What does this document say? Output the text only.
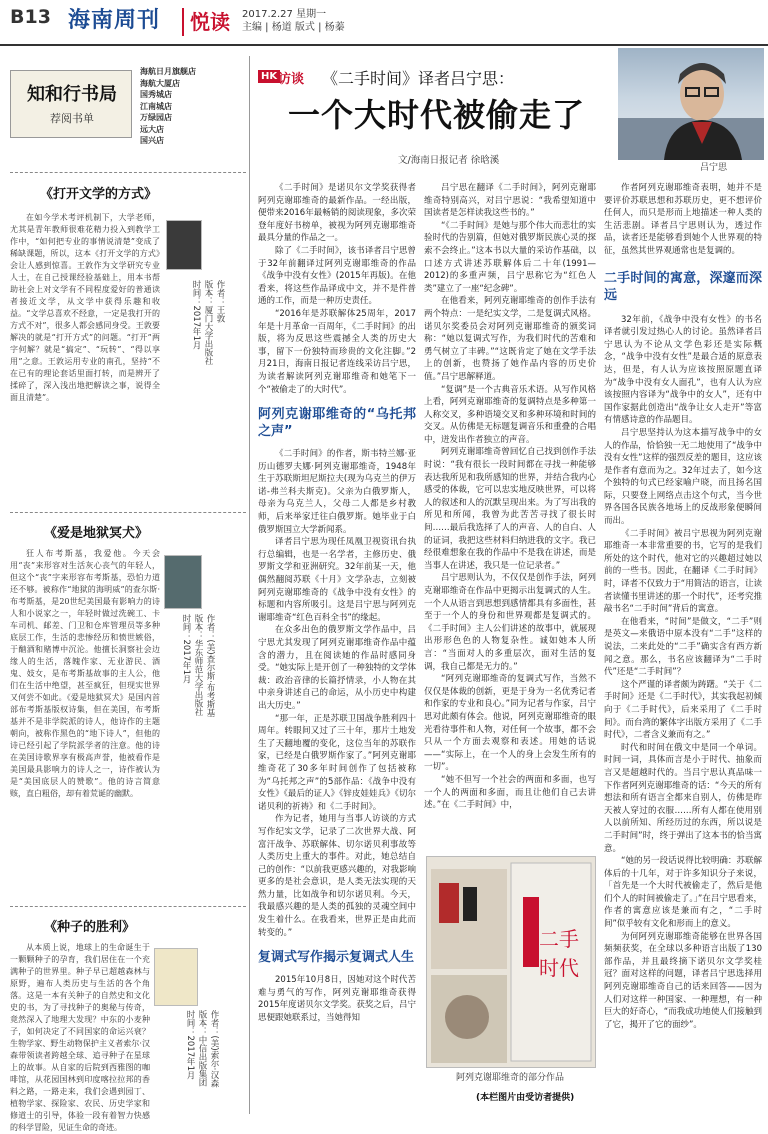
B13 海南周刊 悦读 2017.2.27 星期一
主编 | 杨道 版式 | 杨蓁
知和行书局
荐阅书单
海航日月旗舰店
海航大厦店
国秀城店
江南城店
万绿园店
远大店
国兴店
《打开文学的方式》
在如今学术考评机制下，大学老师，尤其是青年教师很难花精力投入到教学工作中，“如何把专业的事情说清楚”变成了稀缺课题，所以，这本《打开文学的方式》会让人感到惊喜。王敦作为文学研究专业人士，在自己授课经验基础上，用本书帮助社会上对文学有不同程度爱好的普通读者接近文学，从文学中获得乐趣和收益。“文学总喜欢不经意，一定是我打开的方式不对”，很多人都会感同身受。王敦要解决的就是“打开方式”的问题。“打开”两字何解？就是“搞定”、“玩转”、“得以享用”之意。王敦运用专业的南孔，坚持“不在已有的理论套话里面打转，而是辨开了揉碎了，深入浅出地把解读之事，说得全面且清楚”。
作者：王敦
版本：厦门大学出版社
时间：2017年1月
《爱是地狱冥犬》
狂人布考斯基，我爱他。今天会用“丧”来形容对生活灰心丧气的年轻人，但这个“丧”字来形容布考斯基，恐怕力道还不够。被称作“地狱的海明威”的查尔斯·布考斯基，是20世纪美国最有影响力的诗人和小说家之一，年轻时做过洗碗工、卡车司机、邮差、门卫和仓库管理员等多种底层工作，生活的悲惨经历和愤世嫉俗，于酗酒和赌博中沉沦。他擅长洞察社会边缘人的生活，落魄作家、无业游民、酒鬼、妓女，是布考斯基故事的主人公，他们在生活中绝望，甚至疯狂，但现实世界又何尝不如此。《爱是地狱冥犬》是国内首部布考斯基版权诗集，但在美国，布考斯基并不是非学院派的诗人，他诗作的主题朝向，被称作黑色的“地下诗人”，但他的诗已经引起了学院派学者的注意。他的诗在美国诗歌界享有极高声誉，他被看作是美国最具影响力的诗人之一，诗作被认为是“美国底层人的赞歌”。他的诗言简意赅，直白粗俗，却有着荒诞的幽默。
作者：(美)查尔斯·布考斯基
版本：华东师范大学出版社
时间：2017年1月
《种子的胜利》
从本质上说，地球上的生命诞生于一颗颗种子的孕育，我们居住在一个充满种子的世界里。种子早已超越森林与原野，遍布人类历史与生活的各个角落。这是一本有关种子的自然史和文化史的书，为了寻找种子的奥秘与传奇，竟然深入了地理大发现？中东的小麦种子，如何决定了不同国家的命运兴衰？生物学家、野生动物保护主义者索尔·汉森带领读者跨越全球、追寻种子在星球上的故事。从自家的后院到西雅图的咖啡馆，从花园国林到印度喀拉拉邦的香料之路，一路走来，我们会遇到园丁、植物学家、探险家、农民、历史学家和修道士的引导，体验一段有着智力快感的科学冒险，见证生命的奇迹。
作者：(美)索尔·汉森
版本：中信出版集团
时间：2017年1月
HK 访谈 《二手时间》译者吕宁思：
一个大时代被偷走了
文/海南日报记者 徐晗溪
吕宁思

《二手时间》是诺贝尔文学奖获得者阿列克谢耶维奇的最新作品。一经出版，便带来2016年最畅销的阅读现象，多次荣登年度好书榜单，被视为阿列克谢耶维奇最具分量的作品之一。

除了《二手时间》，该书译者吕宁思曾于32年前翻译过阿列克谢耶维奇的作品《战争中没有女性》(2015年再版)。在他看来，将这些作品译成中文，并不是件普通的工作，而是一种历史责任。

“2016年是苏联解体25周年，2017年是十月革命一百周年，《二手时间》的出版，将为反思这些震撼全人类的历史大事，留下一份独特而珍贵的文化注脚。”2月21日，海南日报记者连线采访吕宁思，为读者解读阿列克谢耶维奇和她笔下一个“被偷走了的大时代”。

阿列克谢耶维奇的“乌托邦之声”

《二手时间》的作者，斯韦特兰娜·亚历山德罗夫娜·阿列克谢耶维奇，1948年生于苏联斯坦尼斯拉夫(现为乌克兰的伊万诺-弗兰科夫斯克)。父亲为白俄罗斯人，母亲为乌克兰人，父母二人都是乡村教师，后来举家迁往白俄罗斯。她毕业于白俄罗斯国立大学新闻系。

译者吕宁思为现任凤凰卫视资讯台执行总编辑，也是一名学者，主修历史、俄罗斯文学和亚洲研究。32年前某一天，他偶然翻阅苏联《十月》文学杂志，立刻被阿列克谢耶维奇的《战争中没有女性》的标题和内容所吸引。这是吕宁思与阿列克谢耶维奇“红色百科全书”的缘起。

在众多出色的俄罗斯文学作品中，吕宁思尤其发现了阿列克谢耶维奇作品中蕴含的潜力，且在阅读她的作品时感同身受。“她实际上是开创了一种独特的文学体裁：政治音律的长篇抒情录，小人物在其中亲身讲述自己的命运，从小历史中构建出大历史。”

“那一年，正是苏联卫国战争胜利四十周年。转眼间又过了三十年，那片土地发生了天翻地覆的变化，这位当年的苏联作家，已经是白俄罗斯作家了。”阿列克谢耶维奇花了30多年时间创作了包括被称为“乌托邦之声”的5部作品：《战争中没有女性》《最后的证人》《锌皮娃娃兵》《切尔诺贝利的祈祷》和《二手时间》。

作为记者，她用与当事人访谈的方式写作纪实文学，记录了二次世界大战、阿富汗战争、苏联解体、切尔诺贝利事故等人类历史上重大的事件。对此，她总结自己的创作：“以前我更感兴趣的，对我影响更多的是社会意识，是人类无法实现的天然力量，比如战争和切尔诺贝利。今天，我最感兴趣的是人类的孤独的灵魂空间中发生着什么。在我看来，世界正是由此而转变的。”

复调式写作揭示复调式人生

2015年10月8日，因她对这个时代苦难与勇气的写作，阿列克谢耶维奇获得2015年度诺贝尔文学奖。获奖之后，吕宁思便跟她联系过，当她得知

吕宁思在翻译《二手时间》，阿列克谢耶维奇特别高兴，对吕宁思说：“我希望知道中国读者是怎样读我这些书的。”

“《二手时间》是她与那个伟大而悲壮的实验时代的告别篇，但她对俄罗斯民族心灵的探索不会终止。”这本书以大量的采访作基础，以口述方式讲述苏联解体后二十年(1991—2012)的多重声频，吕宁思称它为“红色人类”建立了一座“纪念碑”。

在他看来，阿列克谢耶维奇的创作手法有两个特点：一是纪实文学，二是复调式风格。诺贝尔奖委员会对阿列克谢耶维奇的颁奖词称：“她以复调式写作，为我们时代的苦难和勇气树立了丰碑。”“这既肯定了她在文学手法上的创新，也赞扬了她作品内容的历史价值。”吕宁思解释道。

“复调”是一个古典音乐术语。从写作风格上看，阿列克谢耶维奇的复调特点是多种第一人称交叉，多种语境交叉和多种环境和时间的交叉。从仿佛是无标题复调音乐和重叠的合唱中，迸发出作者独立的声音。

阿列克谢耶维奇曾回忆自己找到创作手法时说：“我有很长一段时间都在寻找一种能够表达我所见和我所感知的世界，并结合我内心感受的体裁，它可以忠实地反映世界，可以将人的叙述和人的沉默呈现出来。为了写出我的所见和所闻，我曾为此苦苦寻找了很长时间……最后我选择了人的声音、人的自白、人的证词，我把这些材料归纳进我的文字。我已经很难想象在我的作品中不是我在讲述，而是当事人在讲述，我只是一位记录者。”

吕宁思则认为，不仅仅是创作手法，阿列克谢耶维奇在作品中更揭示出复调式的人生。一个人从语言到思想到感情都具有多面性，甚至于一个人的身份和世界观都是复调式的。《二手时间》主人公们讲述的故事中，就展现出形形色色的人物复杂性。诚如她本人所言：“当面对人的多重层次，面对生活的复调，我自己都是无力的。”

“阿列克谢耶维奇的复调式写作，当然不仅仅是体裁的创新，更是于身为一名优秀记者和作家的专业和良心。”同为记者与作家，吕宁思对此颇有体会。他说，阿列克谢耶维奇的眼光看待事件和人物，对任何一个故事，都不会只从一个方面去观察和表述。用她的话说——“实际上，在一个人的身上会发生所有的一切”。

“她不但写一个社会的两面和多面，也写一个人的两面和多面，而且让他们自己去讲述。”在《二手时间》中，

二手时代
阿列克谢耶维奇的部分作品
(本栏图片由受访者提供)

作者阿列克谢耶维奇表明，她并不是要评价苏联思想和苏联历史，更不想评价任何人，而只是形而上地描述一种人类的生活悲剧。译者吕宁思则认为，透过作品，读者还是能够看到她个人世界观的特征，虽然其世界观通常也是复调的。

二手时间的寓意，深邃而深远

32年前，《战争中没有女性》的书名译者就引发过热心人的讨论。虽然译者吕宁思认为不论从文学色彩还是实际概念，“战争中没有女性”是最合适的原意表达，但是，有人认为应该按照原题直译为“战争中没有女人面孔”，也有人认为应该按照内容译为“战争中的女人”，还有中国作家据此创造出“战争让女人走开”等富有情感诗意的作品题目。

吕宁思坚持认为这本描写战争中的女人的作品，恰恰独一无二地使用了“战争中没有女性”这样的强烈反差的题目，这应该是作者有意而为之。32年过去了，如今这个独特的句式已经家喻户晓，而且扬名国际，只要登上网络点击这个句式，当今世界各国各民族各地场上的反战形象便瞬间而出。

《二手时间》被吕宁思视为阿列克谢耶维奇一本非常重要的书，它写的是我们所处的这个时代，他对它的兴趣超过她以前的一些书。因此，在翻译《二手时间》时，译者不仅致力于“用简洁的语言，让读者读懂书里讲述的那一个时代”，还考究推敲书名“二手时间”背后的寓意。

在他看来，“时间”是做文，“二手”则是英文—来俄语中原本没有“二手”这样的说法，二来此处的“二手”确实含有西方新闻之意。那么，书名应该翻译为“二手时代”还是“二手时间”？

这个严谨的译者颇为踌躇。“关于《二手时间》还是《二手时代》，其实我起初倾向于《二手时代》，后来采用了《二手时间》。而台湾的繁体字出版方采用了《二手时代》，二者含义兼而有之。”

时代和时间在俄文中是同一个单词。时间一词，具体而言是小于时代、抽象而言又是超越时代的。当吕宁思认真品味一下作者阿列克谢耶维奇的话：“今天的所有想法和所有语言全都来自别人，仿佛是昨天被人穿过的衣服……所有人都在使用别人以前所知、所经历过的东西，所以说是二手时间”时，终于弹出了这本书的恰当寓意。

“她的另一段话说得比较明确：苏联解体后的十几年，对于许多知识分子来说，「首先是一个大时代被偷走了，然后是他们个人的时间被偷走了。」”在吕宁思看来，作者的寓意应该是兼而有之，“二手时间”似乎较有文化和形而上的意义。

为何阿列克谢耶维奇能够在世界各国频频获奖，在全球以多种语言出版了130部作品，并且最终摘下诺贝尔文学奖桂冠？面对这样的问题，译者吕宁思选择用阿列克谢耶维奇自己的话来回答——因为人们对这样一种国家、一种理想，有一种巨大的好奇心，“而我成功地使人们接触到了它，揭开了它的面纱”。
